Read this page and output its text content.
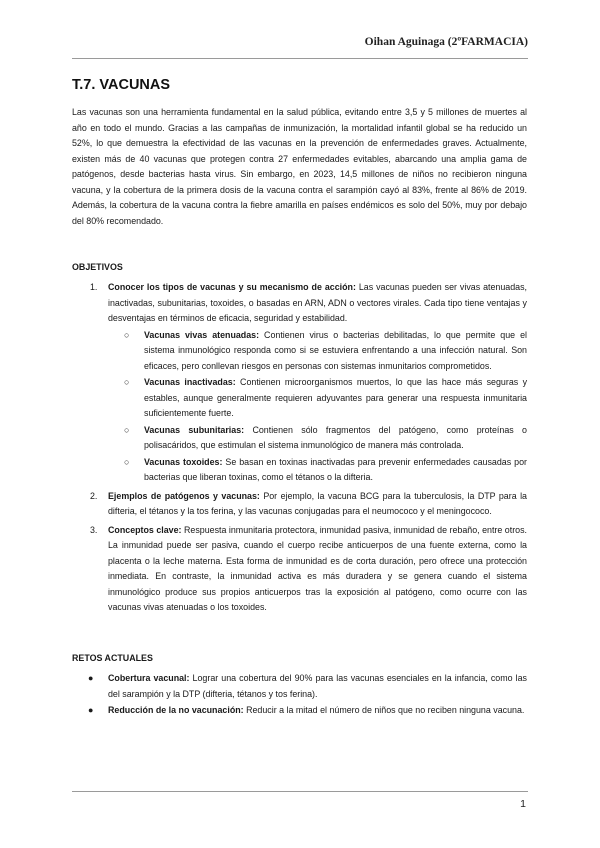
Oihan Aguinaga (2ºFARMACIA)
T.7. VACUNAS

Las vacunas son una herramienta fundamental en la salud pública, evitando entre 3,5 y 5 millones de muertes al año en todo el mundo. Gracias a las campañas de inmunización, la mortalidad infantil global se ha reducido un 52%, lo que demuestra la efectividad de las vacunas en la prevención de enfermedades graves. Actualmente, existen más de 40 vacunas que protegen contra 27 enfermedades evitables, abarcando una amplia gama de patógenos, desde bacterias hasta virus. Sin embargo, en 2023, 14,5 millones de niños no recibieron ninguna vacuna, y la cobertura de la primera dosis de la vacuna contra el sarampión cayó al 83%, frente al 86% de 2019. Además, la cobertura de la vacuna contra la fiebre amarilla en países endémicos es solo del 50%, muy por debajo del 80% recomendado.

OBJETIVOS
1. Conocer los tipos de vacunas y su mecanismo de acción: Las vacunas pueden ser vivas atenuadas, inactivadas, subunitarias, toxoides, o basadas en ARN, ADN o vectores virales. Cada tipo tiene ventajas y desventajas en términos de eficacia, seguridad y estabilidad.
○ Vacunas vivas atenuadas: Contienen virus o bacterias debilitadas, lo que permite que el sistema inmunológico responda como si se estuviera enfrentando a una infección natural. Son eficaces, pero conllevan riesgos en personas con sistemas inmunitarios comprometidos.
○ Vacunas inactivadas: Contienen microorganismos muertos, lo que las hace más seguras y estables, aunque generalmente requieren adyuvantes para generar una respuesta inmunitaria suficientemente fuerte.
○ Vacunas subunitarias: Contienen sólo fragmentos del patógeno, como proteínas o polisacáridos, que estimulan el sistema inmunológico de manera más controlada.
○ Vacunas toxoides: Se basan en toxinas inactivadas para prevenir enfermedades causadas por bacterias que liberan toxinas, como el tétanos o la difteria.
2. Ejemplos de patógenos y vacunas: Por ejemplo, la vacuna BCG para la tuberculosis, la DTP para la difteria, el tétanos y la tos ferina, y las vacunas conjugadas para el neumococo y el meningococo.
3. Conceptos clave: Respuesta inmunitaria protectora, inmunidad pasiva, inmunidad de rebaño, entre otros. La inmunidad puede ser pasiva, cuando el cuerpo recibe anticuerpos de una fuente externa, como la placenta o la leche materna. Esta forma de inmunidad es de corta duración, pero ofrece una protección inmediata. En contraste, la inmunidad activa es más duradera y se genera cuando el sistema inmunológico produce sus propios anticuerpos tras la exposición al patógeno, como ocurre con las vacunas vivas atenuadas o los toxoides.
RETOS ACTUALES
● Cobertura vacunal: Lograr una cobertura del 90% para las vacunas esenciales en la infancia, como las del sarampión y la DTP (difteria, tétanos y tos ferina).
● Reducción de la no vacunación: Reducir a la mitad el número de niños que no reciben ninguna vacuna.
1
